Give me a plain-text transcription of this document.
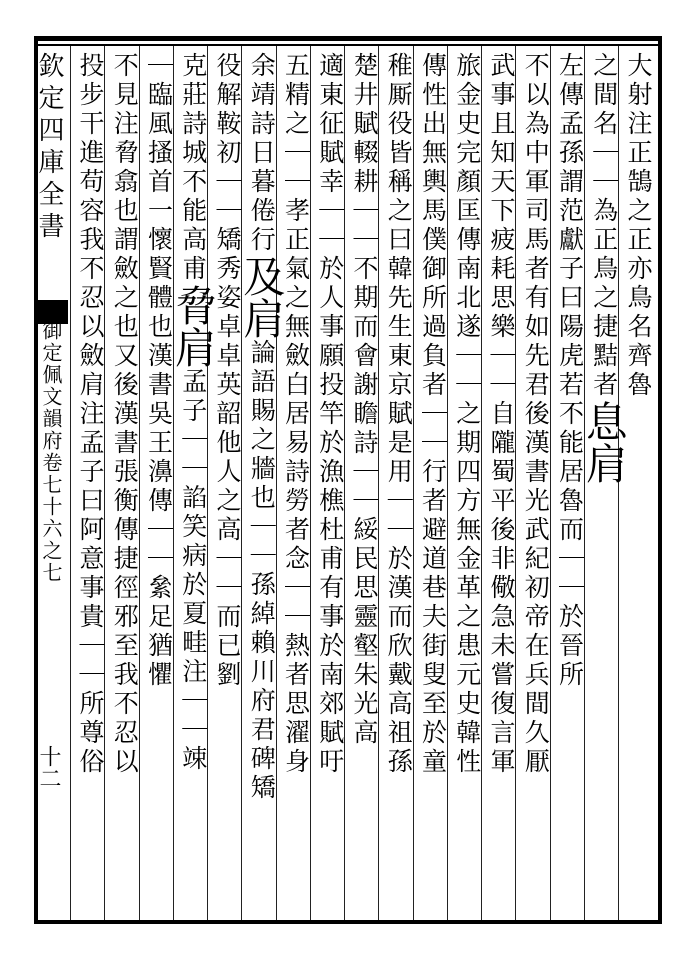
欽定四庫全書
御定佩文韻府卷七十六之七
十二
大射注正鵠之正亦鳥名齊魯
之間名｜｜為正鳥之捷黠者息肩
左傳孟孫謂范獻子曰陽虎若不能居魯而｜｜於晉所
不以為中軍司馬者有如先君後漢書光武紀初帝在兵間久厭
武事且知天下疲耗思樂｜｜自隴蜀平後非儆急未嘗復言軍
旅金史完顏匡傳南北遂｜｜之期四方無金革之患元史韓性
傳性出無輿馬僕御所過負者｜｜行者避道巷夫街叟至於童
稚厮役皆稱之曰韓先生東京賦是用｜｜於漢而欣戴高祖孫
楚井賦輟耕｜｜不期而會謝瞻詩｜｜綏民思靈壑朱光高
適東征賦幸｜｜於人事願投竿於漁樵杜甫有事於南郊賦吁
五精之｜｜孝正氣之無斂白居易詩勞者念｜｜熱者思濯身
余靖詩日暮倦行及肩論語賜之牆也｜｜孫綽賴川府君碑矯
役解鞍初｜｜矯秀姿卓卓英韶他人之高｜｜而已劉
克莊詩城不能高甫脅肩孟子｜｜諂笑病於夏畦注｜｜竦
｜臨風搔首一懷賢體也漢書吳王濞傳｜｜絫足猶懼
不見注脅翕也謂斂之也又後漢書張衡傳捷徑邪至我不忍以
投步干進苟容我不忍以斂肩注孟子曰阿意事貴｜｜所尊俗
